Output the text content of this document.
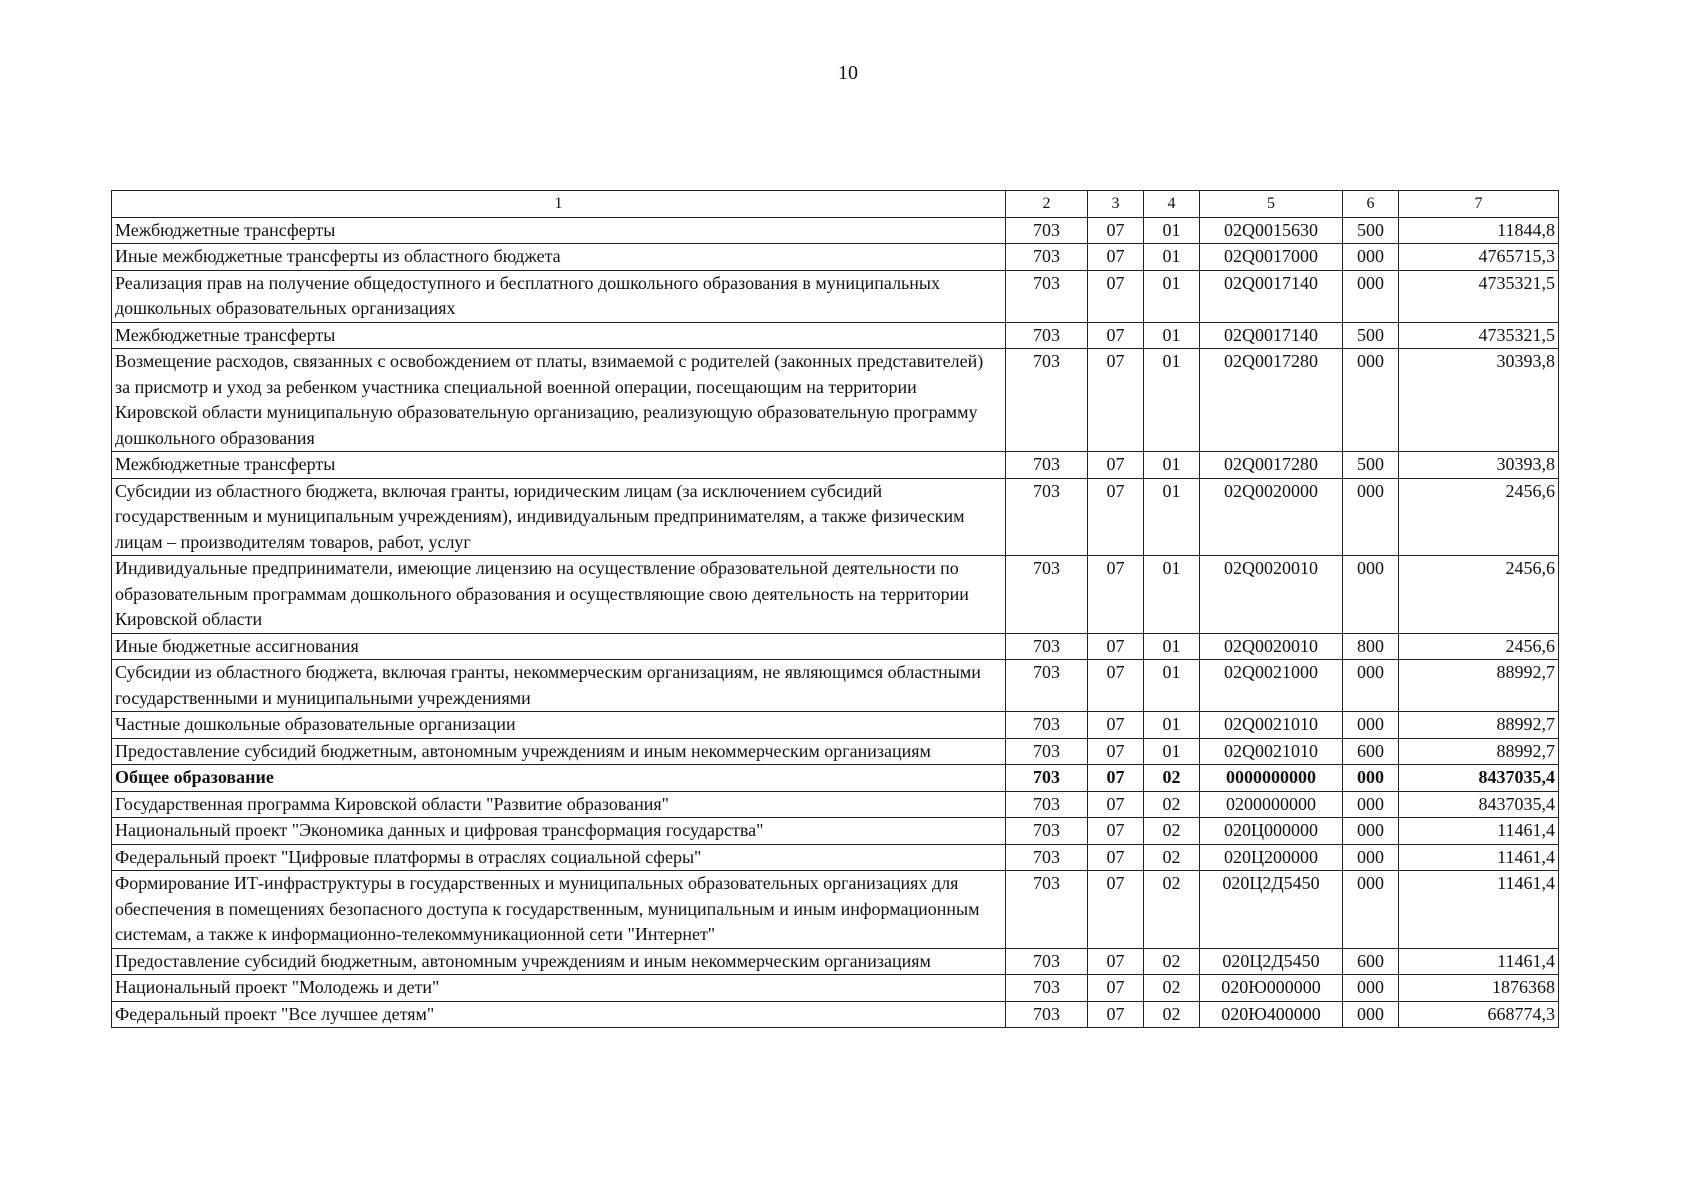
10
1	2	3	4	5	6	7
Межбюджетные трансферты	703	07	01	02Q0015630	500	11844,8
Иные межбюджетные трансферты из областного бюджета	703	07	01	02Q0017000	000	4765715,3
Реализация прав на получение общедоступного и бесплатного дошкольного образования в муниципальных дошкольных образовательных организациях	703	07	01	02Q0017140	000	4735321,5
Межбюджетные трансферты	703	07	01	02Q0017140	500	4735321,5
Возмещение расходов, связанных с освобождением от платы, взимаемой с родителей (законных представителей) за присмотр и уход за ребенком участника специальной военной операции, посещающим на территории Кировской области муниципальную образовательную организацию, реализующую образовательную программу дошкольного образования	703	07	01	02Q0017280	000	30393,8
Межбюджетные трансферты	703	07	01	02Q0017280	500	30393,8
Субсидии из областного бюджета, включая гранты, юридическим лицам (за исключением субсидий государственным и муниципальным учреждениям), индивидуальным предпринимателям, а также физическим лицам – производителям товаров, работ, услуг	703	07	01	02Q0020000	000	2456,6
Индивидуальные предприниматели, имеющие лицензию на осуществление образовательной деятельности по образовательным программам дошкольного образования и осуществляющие свою деятельность на территории Кировской области	703	07	01	02Q0020010	000	2456,6
Иные бюджетные ассигнования	703	07	01	02Q0020010	800	2456,6
Субсидии из областного бюджета, включая гранты, некоммерческим организациям, не являющимся областными государственными и муниципальными учреждениями	703	07	01	02Q0021000	000	88992,7
Частные дошкольные образовательные организации	703	07	01	02Q0021010	000	88992,7
Предоставление субсидий бюджетным, автономным учреждениям и иным некоммерческим организациям	703	07	01	02Q0021010	600	88992,7
Общее образование	703	07	02	0000000000	000	8437035,4
Государственная программа Кировской области "Развитие образования"	703	07	02	0200000000	000	8437035,4
Национальный проект "Экономика данных и цифровая трансформация государства"	703	07	02	020Ц000000	000	11461,4
Федеральный проект "Цифровые платформы в отраслях социальной сферы"	703	07	02	020Ц200000	000	11461,4
Формирование ИТ-инфраструктуры в государственных и муниципальных образовательных организациях для обеспечения в помещениях безопасного доступа к государственным, муниципальным и иным информационным системам, а также к информационно-телекоммуникационной сети "Интернет"	703	07	02	020Ц2Д5450	000	11461,4
Предоставление субсидий бюджетным, автономным учреждениям и иным некоммерческим организациям	703	07	02	020Ц2Д5450	600	11461,4
Национальный проект "Молодежь и дети"	703	07	02	020Ю000000	000	1876368
Федеральный проект "Все лучшее детям"	703	07	02	020Ю400000	000	668774,3
